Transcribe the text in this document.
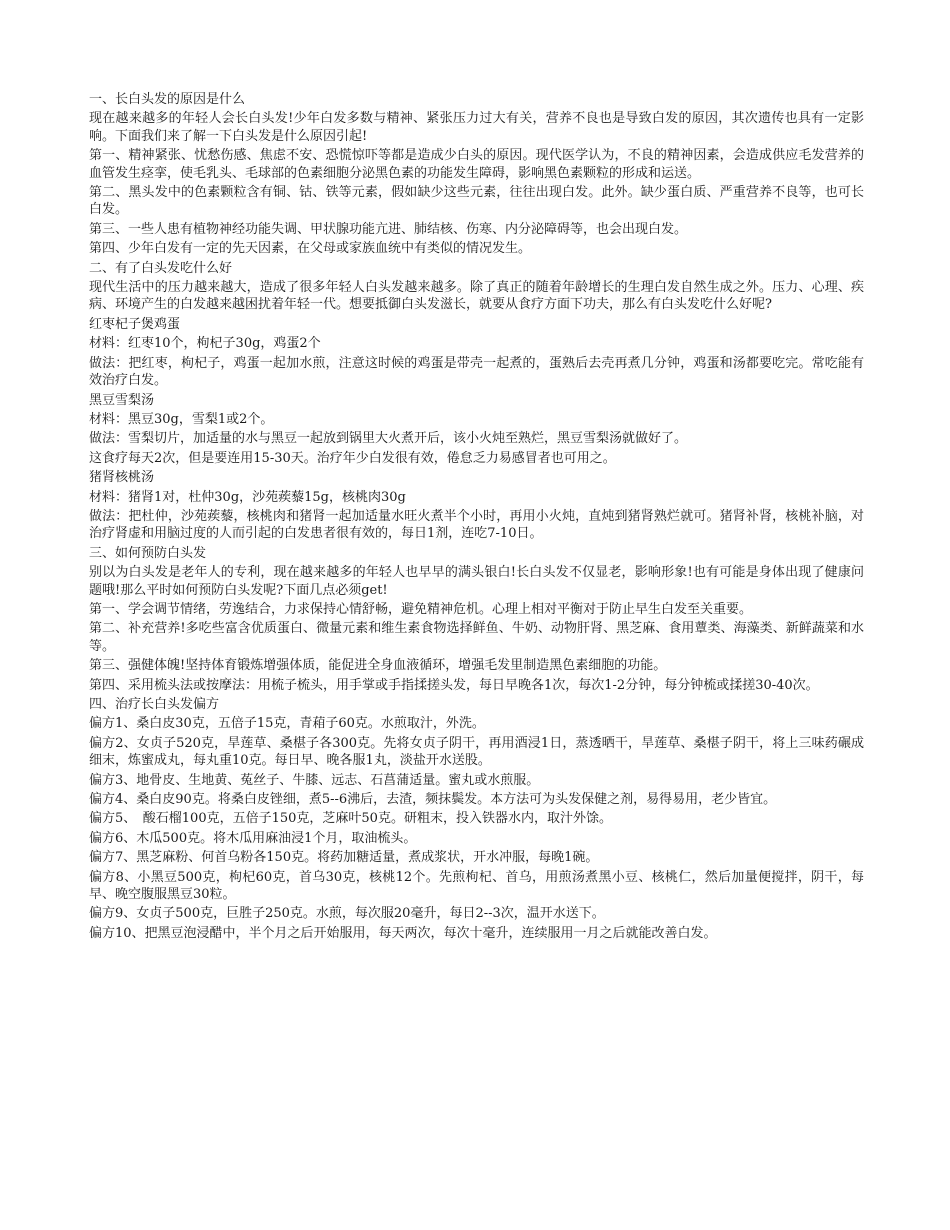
一、长白头发的原因是什么

现在越来越多的年轻人会长白头发!少年白发多数与精神、紧张压力过大有关，营养不良也是导致白发的原因，其次遗传也具有一定影响。下面我们来了解一下白头发是什么原因引起!

第一、精神紧张、忧愁伤感、焦虑不安、恐慌惊吓等都是造成少白头的原因。现代医学认为，不良的精神因素，会造成供应毛发营养的血管发生痉挛，使毛乳头、毛球部的色素细胞分泌黑色素的功能发生障碍，影响黑色素颗粒的形成和运送。

第二、黑头发中的色素颗粒含有铜、钴、铁等元素，假如缺少这些元素，往往出现白发。此外。缺少蛋白质、严重营养不良等，也可长白发。

第三、一些人患有植物神经功能失调、甲状腺功能亢进、肺结核、伤寒、内分泌障碍等，也会出现白发。

第四、少年白发有一定的先天因素，在父母或家族血统中有类似的情况发生。

二、有了白头发吃什么好

现代生活中的压力越来越大，造成了很多年轻人白头发越来越多。除了真正的随着年龄增长的生理白发自然生成之外。压力、心理、疾病、环境产生的白发越来越困扰着年轻一代。想要抵御白头发滋长，就要从食疗方面下功夫，那么有白头发吃什么好呢?

红枣杞子煲鸡蛋

材料：红枣10个，枸杞子30g，鸡蛋2个

做法：把红枣，枸杞子，鸡蛋一起加水煎，注意这时候的鸡蛋是带壳一起煮的，蛋熟后去壳再煮几分钟，鸡蛋和汤都要吃完。常吃能有效治疗白发。

黑豆雪梨汤

材料：黑豆30g，雪梨1或2个。

做法：雪梨切片，加适量的水与黑豆一起放到锅里大火煮开后，该小火炖至熟烂，黑豆雪梨汤就做好了。

这食疗每天2次，但是要连用15-30天。治疗年少白发很有效，倦怠乏力易感冒者也可用之。

猪肾核桃汤

材料：猪肾1对，杜仲30g，沙苑蒺藜15g，核桃肉30g

做法：把杜仲，沙苑蒺藜，核桃肉和猪肾一起加适量水旺火煮半个小时，再用小火炖，直炖到猪肾熟烂就可。猪肾补肾，核桃补脑，对治疗肾虚和用脑过度的人而引起的白发患者很有效的，每日1剂，连吃7-10日。

三、如何预防白头发

别以为白头发是老年人的专利，现在越来越多的年轻人也早早的满头银白!长白头发不仅显老，影响形象!也有可能是身体出现了健康问题哦!那么平时如何预防白头发呢?下面几点必须get!

第一、学会调节情绪，劳逸结合，力求保持心情舒畅，避免精神危机。心理上相对平衡对于防止早生白发至关重要。

第二、补充营养!多吃些富含优质蛋白、微量元素和维生素食物选择鲜鱼、牛奶、动物肝肾、黑芝麻、食用蕈类、海藻类、新鲜蔬菜和水等。

第三、强健体魄!坚持体育锻炼增强体质，能促进全身血液循环，增强毛发里制造黑色素细胞的功能。

第四、采用梳头法或按摩法：用梳子梳头，用手掌或手指揉搓头发，每日早晚各1次，每次1-2分钟，每分钟梳或揉搓30-40次。

四、治疗长白头发偏方

偏方1、桑白皮30克，五倍子15克，青葙子60克。水煎取汁，外洗。

偏方2、女贞子520克，旱莲草、桑椹子各300克。先将女贞子阴干，再用酒浸1日，蒸透晒干，旱莲草、桑椹子阴干，将上三味药碾成细末，炼蜜成丸，每丸重10克。每日早、晚各服1丸，淡盐开水送股。

偏方3、地骨皮、生地黄、菟丝子、牛膝、远志、石菖蒲适量。蜜丸或水煎服。

偏方4、桑白皮90克。将桑白皮锉细，煮5--6沸后，去渣，频抹鬓发。本方法可为头发保健之剂，易得易用，老少皆宜。

偏方5、　酸石榴100克，五倍子150克，芝麻叶50克。研粗末，投入铁器水内，取汁外馀。

偏方6、木瓜500克。将木瓜用麻油浸1个月，取油梳头。

偏方7、黑芝麻粉、何首乌粉各150克。将药加糖适量，煮成浆状，开水冲服，每晚1碗。

偏方8、小黑豆500克，枸杞60克，首乌30克，核桃12个。先煎枸杞、首乌，用煎汤煮黑小豆、核桃仁，然后加量便搅拌，阴干，每早、晚空腹服黑豆30粒。

偏方9、女贞子500克，巨胜子250克。水煎，每次服20毫升，每日2--3次，温开水送下。

偏方10、把黑豆泡浸醋中，半个月之后开始服用，每天两次，每次十毫升，连续服用一月之后就能改善白发。
